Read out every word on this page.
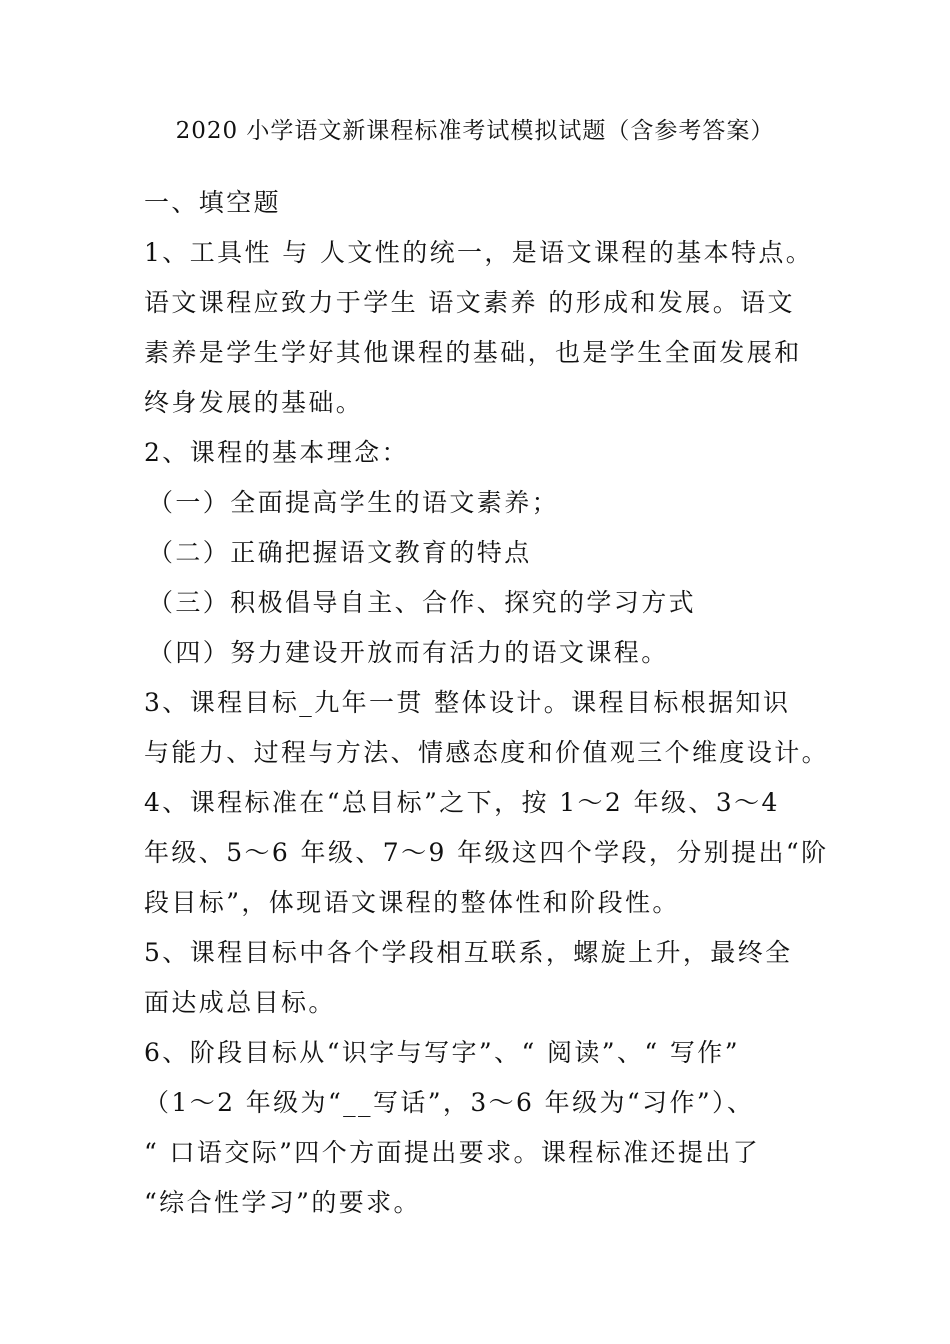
2020 小学语文新课程标准考试模拟试题（含参考答案）
一、填空题
1、工具性 与 人文性的统一，是语文课程的基本特点。
语文课程应致力于学生 语文素养 的形成和发展。语文
素养是学生学好其他课程的基础，也是学生全面发展和
终身发展的基础。
2、课程的基本理念：
（一）全面提高学生的语文素养；
（二）正确把握语文教育的特点
（三）积极倡导自主、合作、探究的学习方式
（四）努力建设开放而有活力的语文课程。
3、课程目标_九年一贯 整体设计。课程目标根据知识
与能力、过程与方法、情感态度和价值观三个维度设计。
4、课程标准在“总目标”之下，按 1～2 年级、3～4
年级、5～6 年级、7～9 年级这四个学段，分别提出“阶
段目标”，体现语文课程的整体性和阶段性。
5、课程目标中各个学段相互联系，螺旋上升，最终全
面达成总目标。
6、阶段目标从“识字与写字”、“ 阅读”、“ 写作”
（1～2 年级为“__写话”，3～6 年级为“习作”）、
“ 口语交际”四个方面提出要求。课程标准还提出了
“综合性学习”的要求。
